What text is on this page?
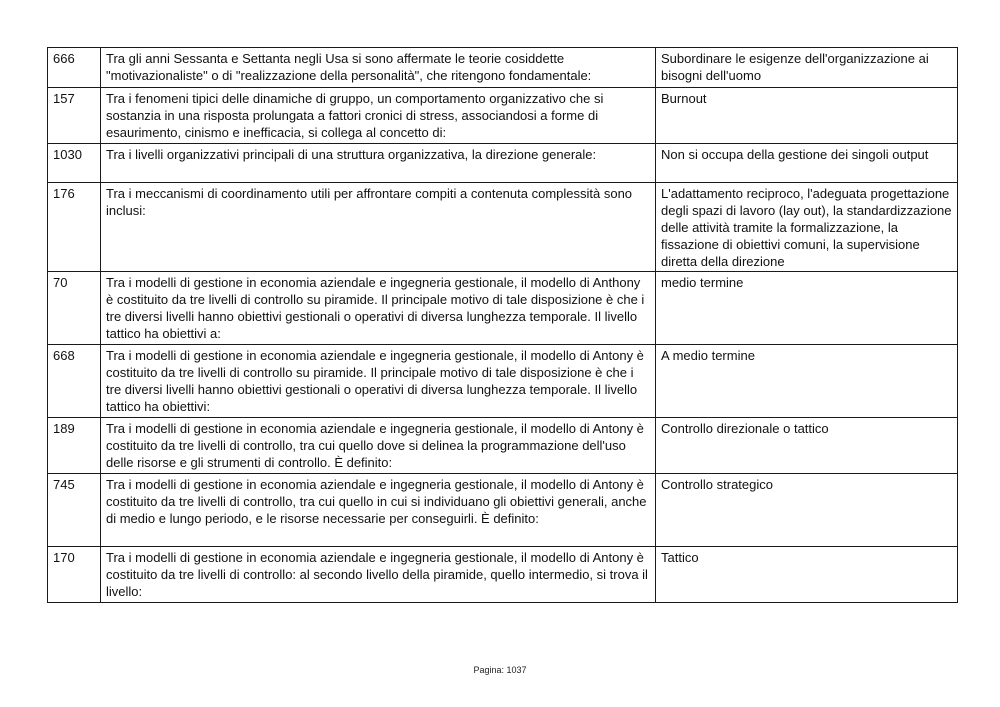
666	Tra gli anni Sessanta e Settanta negli Usa si sono affermate le teorie cosiddette "motivazionaliste" o di "realizzazione della personalità", che ritengono fondamentale:	Subordinare le esigenze dell'organizzazione ai bisogni dell'uomo
157	Tra i fenomeni tipici delle dinamiche di gruppo, un comportamento organizzativo che si sostanzia in una risposta prolungata a fattori cronici di stress, associandosi a forme di esaurimento, cinismo e inefficacia, si collega al concetto di:	Burnout
1030	Tra i livelli organizzativi principali di una struttura organizzativa, la direzione generale:	Non si occupa della gestione dei singoli output
176	Tra i meccanismi di coordinamento utili per affrontare compiti a contenuta complessità sono inclusi:	L'adattamento reciproco, l'adeguata progettazione degli spazi di lavoro (lay out), la standardizzazione delle attività tramite la formalizzazione, la fissazione di obiettivi comuni, la supervisione diretta della direzione
70	Tra i modelli di gestione in economia aziendale e ingegneria gestionale, il modello di Anthony è costituito da tre livelli di controllo su piramide. Il principale motivo di tale disposizione è che i tre diversi livelli hanno obiettivi gestionali o operativi di diversa lunghezza temporale. Il livello tattico ha obiettivi a:	medio termine
668	Tra i modelli di gestione in economia aziendale e ingegneria gestionale, il modello di Antony è costituito da tre livelli di controllo su piramide. Il principale motivo di tale disposizione è che i tre diversi livelli hanno obiettivi gestionali o operativi di diversa lunghezza temporale. Il livello tattico ha obiettivi:	A medio termine
189	Tra i modelli di gestione in economia aziendale e ingegneria gestionale, il modello di Antony è costituito da tre livelli di controllo, tra cui quello dove si delinea la programmazione dell'uso delle risorse e gli strumenti di controllo. È definito:	Controllo direzionale o tattico
745	Tra i modelli di gestione in economia aziendale e ingegneria gestionale, il modello di Antony è costituito da tre livelli di controllo, tra cui quello in cui si individuano gli obiettivi generali, anche di medio e lungo periodo, e le risorse necessarie per conseguirli. È definito:	Controllo strategico
170	Tra i modelli di gestione in economia aziendale e ingegneria gestionale, il modello di Antony è costituito da tre livelli di controllo: al secondo livello della piramide, quello intermedio, si trova il livello:	Tattico
Pagina: 1037
